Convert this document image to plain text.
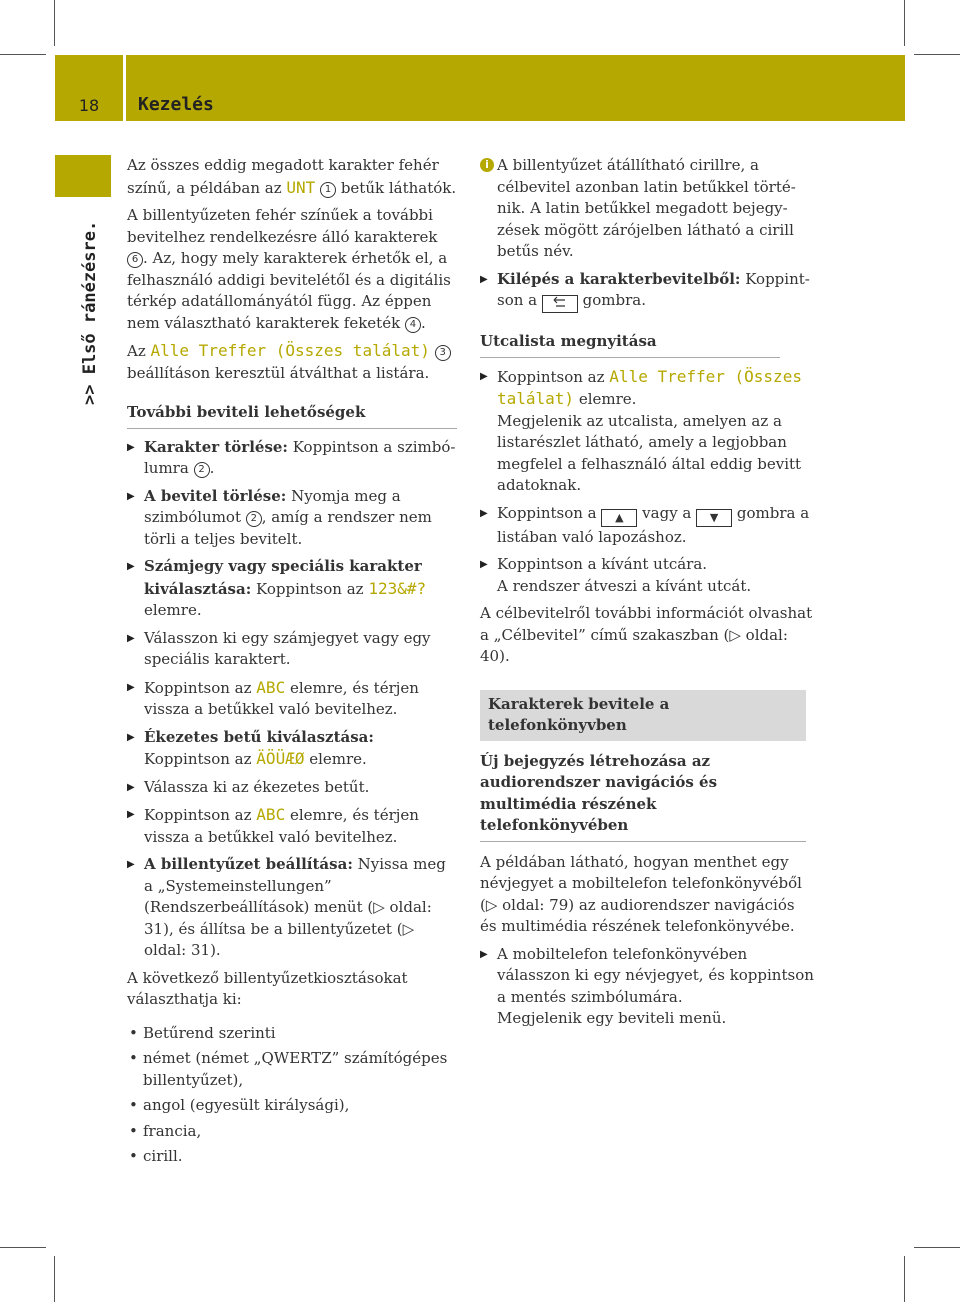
18	Kezelés
>> Első ránézésre.

Az összes eddig megadott karakter fehér színű, a példában az UNT 1 betűk láthatók.

A billentyűzeten fehér színűek a további bevitelhez rendelkezésre álló karakterek 6 . Az, hogy mely karakterek érhetők el, a felhasználó addigi bevitelétől és a digitális térkép adatállományától függ. Az éppen nem választható karakterek feketék 4 .

Az Alle Treffer (Összes találat) 3 beállításon keresztül átválthat a listára.

További beviteli lehetőségek
▶ Karakter törlése: Koppintson a szimbólumra 2 .
▶ A bevitel törlése: Nyomja meg a szimbólumot 2 , amíg a rendszer nem törli a teljes bevitelt.
▶ Számjegy vagy speciális karakter kiválasztása: Koppintson az 123&#? elemre.
▶ Válasszon ki egy számjegyet vagy egy speciális karaktert.
▶ Koppintson az ABC elemre, és térjen vissza a betűkkel való bevitelhez.
▶ Ékezetes betű kiválasztása: Koppintson az ÄÖÜÆØ elemre.
▶ Válassza ki az ékezetes betűt.
▶ Koppintson az ABC elemre, és térjen vissza a betűkkel való bevitelhez.
▶ A billentyűzet beállítása: Nyissa meg a „Systemeinstellungen” (Rendszerbeállítások) menüt (▷ oldal: 31), és állítsa be a billentyűzetet (▷ oldal: 31).

A következő billentyűzetkiosztásokat választhatja ki:

• Betűrend szerinti
• német (német „QWERTZ” számítógépes billentyűzet),
• angol (egyesült királysági),
• francia,
• cirill.
i A billentyűzet átállítható cirillre, a célbevitel azonban latin betűkkel történik. A latin betűkkel megadott bejegyzések mögött zárójelben látható a cirill betűs név.
▶ Kilépés a karakterbevitelből: Koppintson a  gombra.
Utcalista megnyitása
▶ Koppintson az Alle Treffer (Összes találat) elemre.
Megjelenik az utcalista, amelyen az a listarészlet látható, amely a legjobban megfelel a felhasználó által eddig bevitt adatoknak.
▶ Koppintson a ▲ vagy a ▼ gombra a listában való lapozáshoz.
▶ Koppintson a kívánt utcára.
A rendszer átveszi a kívánt utcát.

A célbevitelről további információt olvashat a „Célbevitel” című szakaszban (▷ oldal: 40).

Karakterek bevitele a telefonkönyvben
Új bejegyzés létrehozása az audiorendszer navigációs és multimédia részének telefonkönyvében

A példában látható, hogyan menthet egy névjegyet a mobiltelefon telefonkönyvéből (▷ oldal: 79) az audiorendszer navigációs és multimédia részének telefonkönyvébe.

▶ A mobiltelefon telefonkönyvében válasszon ki egy névjegyet, és koppintson a mentés szimbólumára.
Megjelenik egy beviteli menü.
